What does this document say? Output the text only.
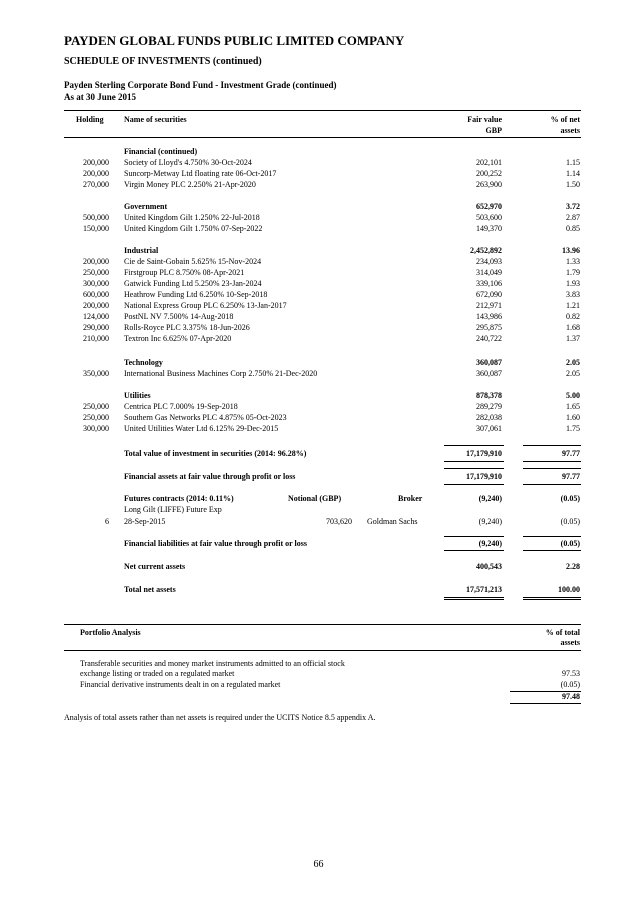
PAYDEN GLOBAL FUNDS PUBLIC LIMITED COMPANY
SCHEDULE OF INVESTMENTS (continued)
Payden Sterling Corporate Bond Fund - Investment Grade (continued)
As at 30 June 2015
Holding	Name of securities	Fair value
GBP
% of net
assets
Financial (continued)
200,000 Society of Lloyd's 4.750% 30-Oct-2024	202,101	1.15
200,000 Suncorp-Metway Ltd floating rate 06-Oct-2017	200,252	1.14
270,000 Virgin Money PLC 2.250% 21-Apr-2020	263,900	1.50
Government	652,970	3.72
500,000 United Kingdom Gilt 1.250% 22-Jul-2018	503,600	2.87
150,000 United Kingdom Gilt 1.750% 07-Sep-2022	149,370	0.85
Industrial	2,452,892	13.96
200,000 Cie de Saint-Gobain 5.625% 15-Nov-2024	234,093	1.33
250,000 Firstgroup PLC 8.750% 08-Apr-2021	314,049	1.79
300,000 Gatwick Funding Ltd 5.250% 23-Jan-2024	339,106	1.93
600,000 Heathrow Funding Ltd 6.250% 10-Sep-2018	672,090	3.83
200,000 National Express Group PLC 6.250% 13-Jan-2017	212,971	1.21
124,000 PostNL NV 7.500% 14-Aug-2018	143,986	0.82
290,000 Rolls-Royce PLC 3.375% 18-Jun-2026	295,875	1.68
210,000 Textron Inc 6.625% 07-Apr-2020	240,722	1.37
Technology	360,087	2.05
350,000 International Business Machines Corp 2.750% 21-Dec-2020	360,087	2.05
Utilities	878,378	5.00
250,000 Centrica PLC 7.000% 19-Sep-2018	289,279	1.65
250,000 Southern Gas Networks PLC 4.875% 05-Oct-2023	282,038	1.60
300,000 United Utilities Water Ltd 6.125% 29-Dec-2015	307,061	1.75
Total value of investment in securities (2014: 96.28%)	17,179,910	97.77
Financial assets at fair value through profit or loss	17,179,910	97.77
Futures contracts (2014: 0.11%)	Notional (GBP)	Broker	(9,240)	(0.05)
Long Gilt (LIFFE) Future Exp
6 28-Sep-2015	703,620 Goldman Sachs	(9,240)	(0.05)
Financial liabilities at fair value through profit or loss	(9,240)	(0.05)
Net current assets	400,543	2.28
Total net assets	17,571,213	100.00
Portfolio Analysis	% of total
assets
Transferable securities and money market instruments admitted to an official stock
exchange listing or traded on a regulated market	97.53
Financial derivative instruments dealt in on a regulated market	(0.05)
97.48
Analysis of total assets rather than net assets is required under the UCITS Notice 8.5 appendix A.
66
